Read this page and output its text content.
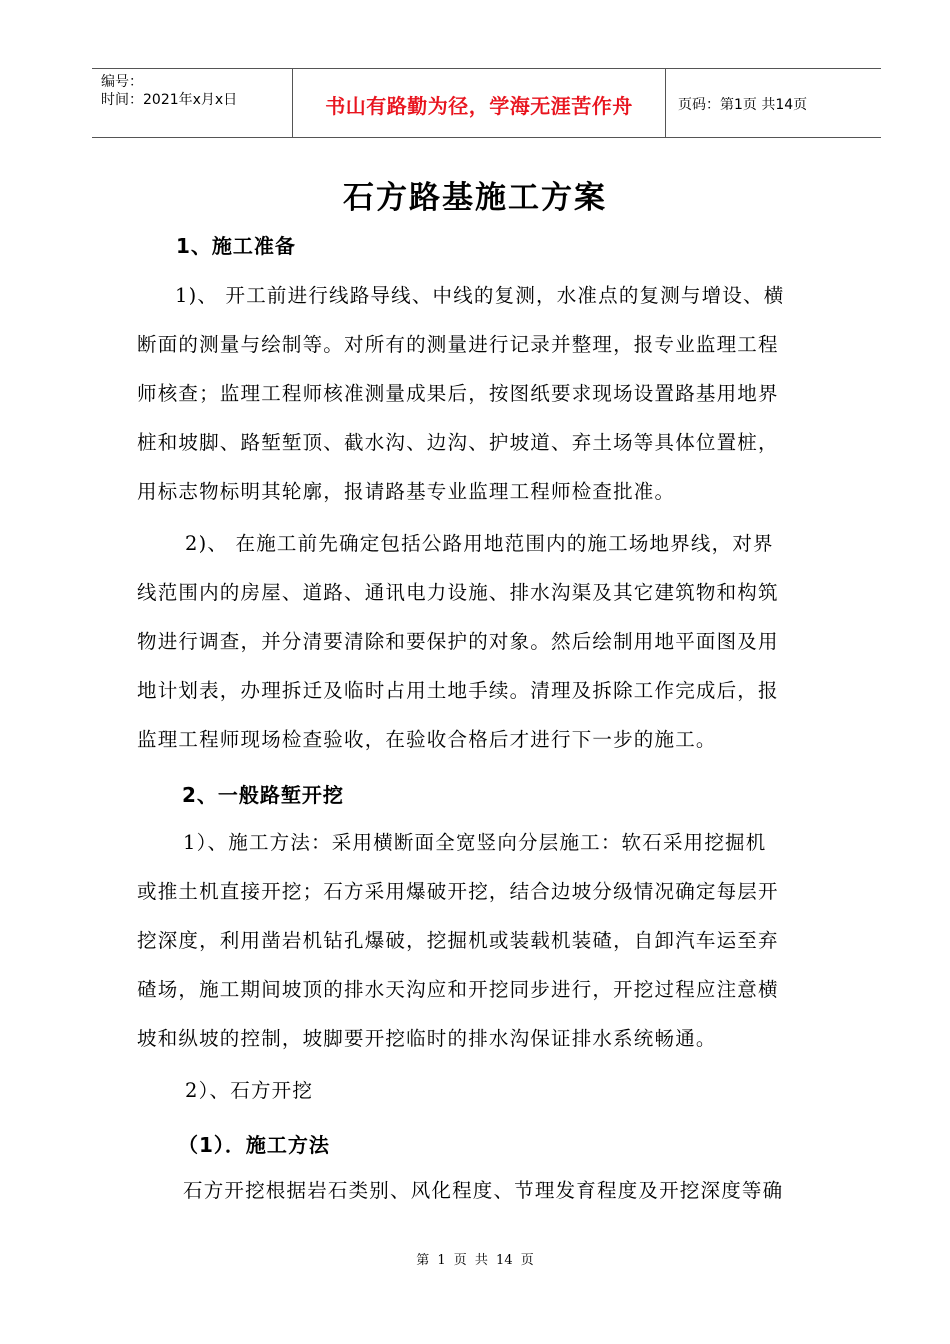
编号：
时间：2021年x月x日	书山有路勤为径，学海无涯苦作舟	页码：第1页 共14页
石方路基施工方案
1、施工准备
1)、 开工前进行线路导线、中线的复测，水准点的复测与增设、横
断面的测量与绘制等。对所有的测量进行记录并整理，报专业监理工程
师核查；监理工程师核准测量成果后，按图纸要求现场设置路基用地界
桩和坡脚、路堑堑顶、截水沟、边沟、护坡道、弃土场等具体位置桩，
用标志物标明其轮廓，报请路基专业监理工程师检查批准。
2)、 在施工前先确定包括公路用地范围内的施工场地界线，对界
线范围内的房屋、道路、通讯电力设施、排水沟渠及其它建筑物和构筑
物进行调查，并分清要清除和要保护的对象。然后绘制用地平面图及用
地计划表，办理拆迁及临时占用土地手续。清理及拆除工作完成后，报
监理工程师现场检查验收，在验收合格后才进行下一步的施工。
2、一般路堑开挖
1）、施工方法：采用横断面全宽竖向分层施工：软石采用挖掘机
或推土机直接开挖；石方采用爆破开挖，结合边坡分级情况确定每层开
挖深度，利用凿岩机钻孔爆破，挖掘机或装载机装碴，自卸汽车运至弃
碴场，施工期间坡顶的排水天沟应和开挖同步进行，开挖过程应注意横
坡和纵坡的控制，坡脚要开挖临时的排水沟保证排水系统畅通。
2）、石方开挖
（1）．施工方法
石方开挖根据岩石类别、风化程度、节理发育程度及开挖深度等确
第 1 页 共 14 页
